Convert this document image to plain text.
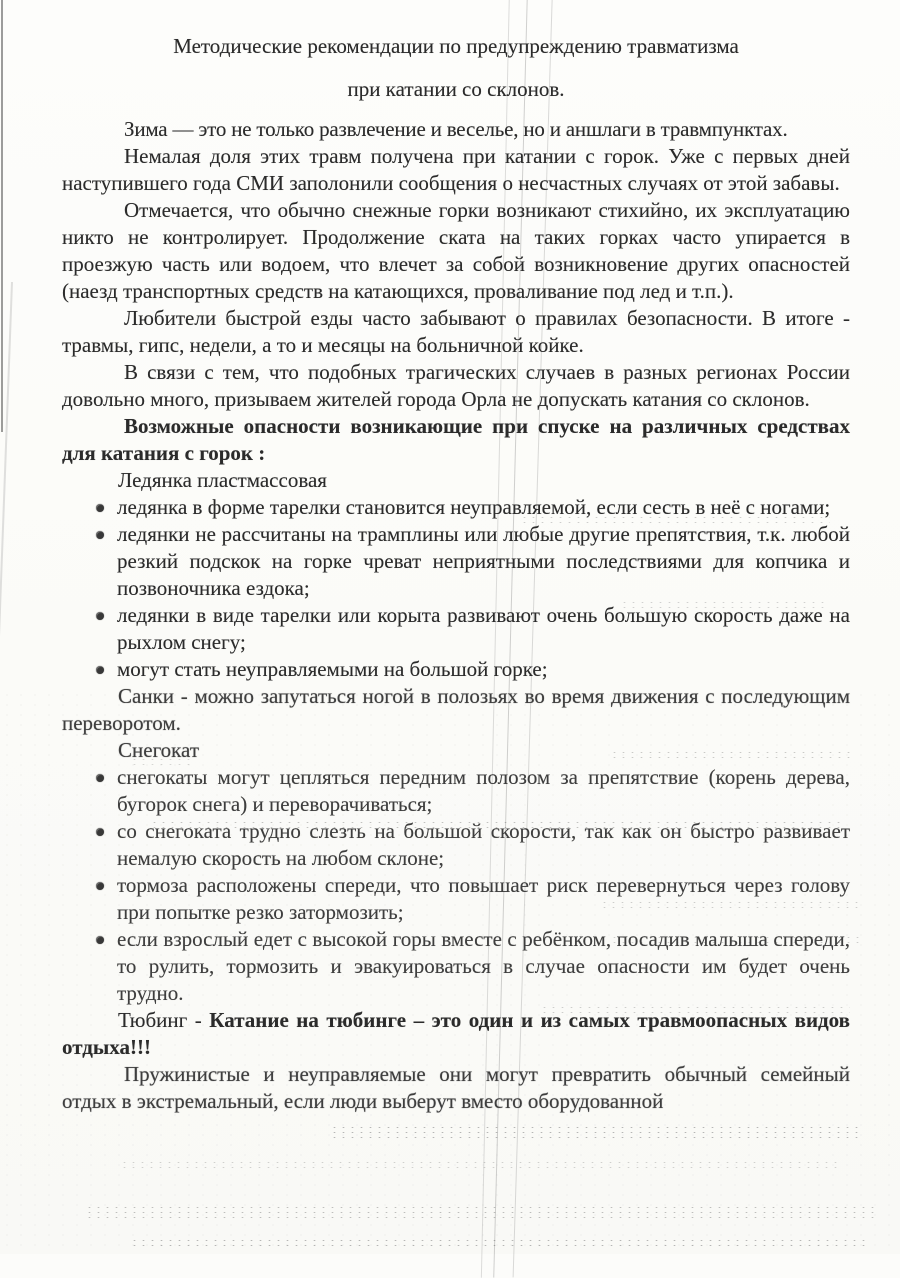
Методические рекомендации по предупреждению травматизма
при катании со склонов.

Зима — это не только развлечение и веселье, но и аншлаги в травмпунктах.

Немалая доля этих травм получена при катании с горок. Уже с первых дней наступившего года СМИ заполонили сообщения о несчастных случаях от этой забавы.

Отмечается, что обычно снежные горки возникают стихийно, их эксплуатацию никто не контролирует. Продолжение ската на таких горках часто упирается в проезжую часть или водоем, что влечет за собой возникновение других опасностей (наезд транспортных средств на катающихся, проваливание под лед и т.п.).

Любители быстрой езды часто забывают о правилах безопасности. В итоге - травмы, гипс, недели, а то и месяцы на больничной койке.

В связи с тем, что подобных трагических случаев в разных регионах России довольно много, призываем жителей города Орла не допускать катания со склонов.

Возможные опасности возникающие при спуске на различных средствах для катания с горок :

Ледянка пластмассовая

ледянка в форме тарелки становится неуправляемой, если сесть в неё с ногами;
ледянки не рассчитаны на трамплины или любые другие препятствия, т.к. любой резкий подскок на горке чреват неприятными последствиями для копчика и позвоночника ездока;
ледянки в виде тарелки или корыта развивают очень большую скорость даже на рыхлом снегу;
могут стать неуправляемыми на большой горке;

Санки - можно запутаться ногой в полозьях во время движения с последующим переворотом.

Снегокат

снегокаты могут цепляться передним полозом за препятствие (корень дерева, бугорок снега) и переворачиваться;
со снегоката трудно слезть на большой скорости, так как он быстро развивает немалую скорость на любом склоне;
тормоза расположены спереди, что повышает риск перевернуться через голову при попытке резко затормозить;
если взрослый едет с высокой горы вместе с ребёнком, посадив малыша спереди, то рулить, тормозить и эвакуироваться в случае опасности им будет очень трудно.

Тюбинг - Катание на тюбинге – это один и из самых травмоопасных видов отдыха!!!

Пружинистые и неуправляемые они могут превратить обычный семейный отдых в экстремальный, если люди выберут вместо оборудованной
